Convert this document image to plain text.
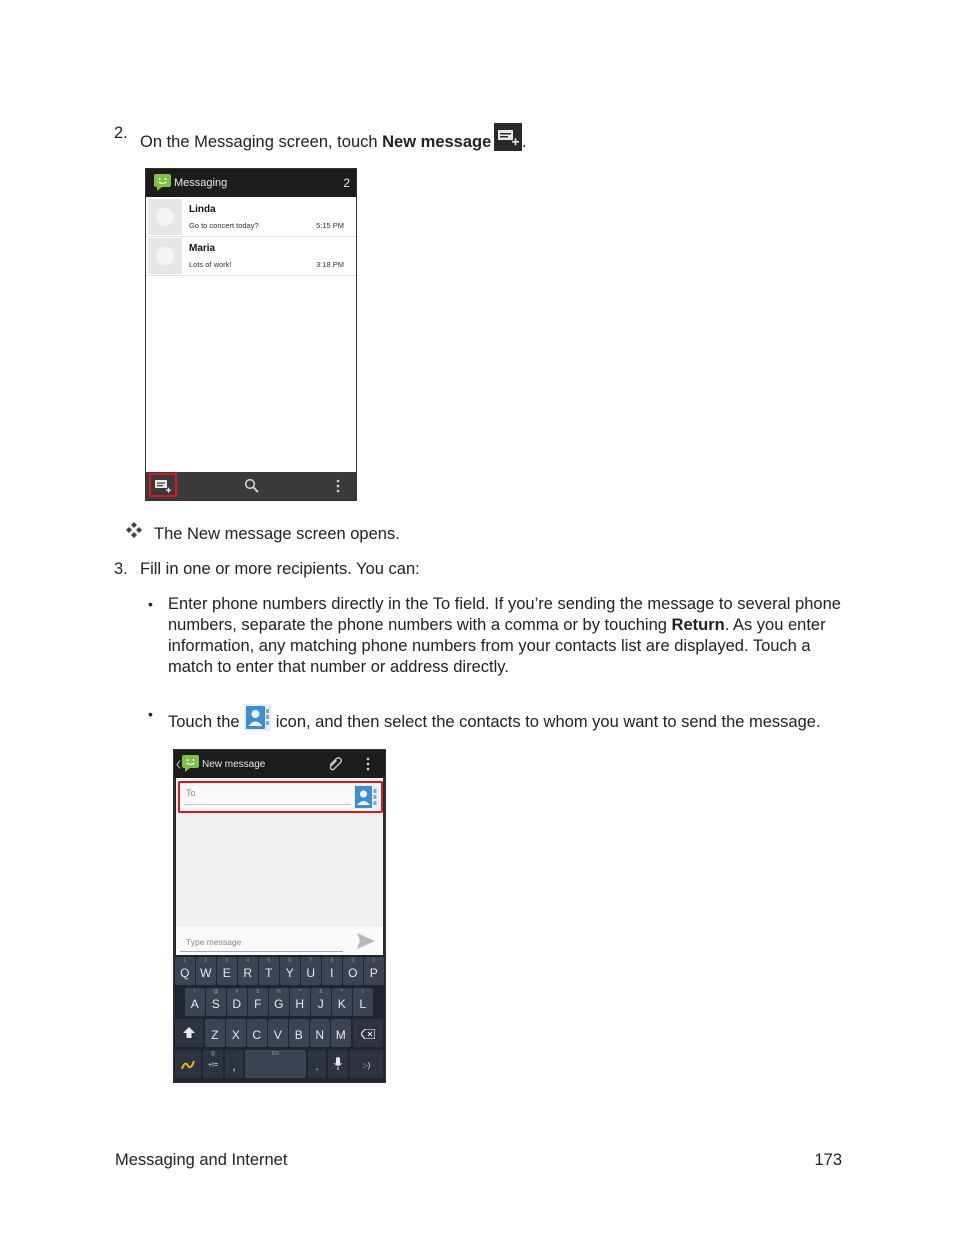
2. On the Messaging screen, touch New message .
Messaging	2
Linda
Go to concert today?	5:15 PM
Maria
Lots of work!	3:18 PM
The New message screen opens.
3. Fill in one or more recipients. You can:
• Enter phone numbers directly in the To field. If you’re sending the message to several phone numbers, separate the phone numbers with a comma or by touching Return. As you enter information, any matching phone numbers from your contacts list are displayed. Touch a match to enter that number or address directly.
• Touch the  icon, and then select the contacts to whom you want to send the message.
New message
To
Type message
1
Q
2
W
3
E
4
R
5
T
6
Y
7
U
8
I
9
O
0
P
!
A
@
S
#
D
$
F
%
G
^
H
&
J
*
K
(
L
Z	X	C	V	B	N M
@
+!=	,
EN
.	:-)
Messaging and Internet	173
